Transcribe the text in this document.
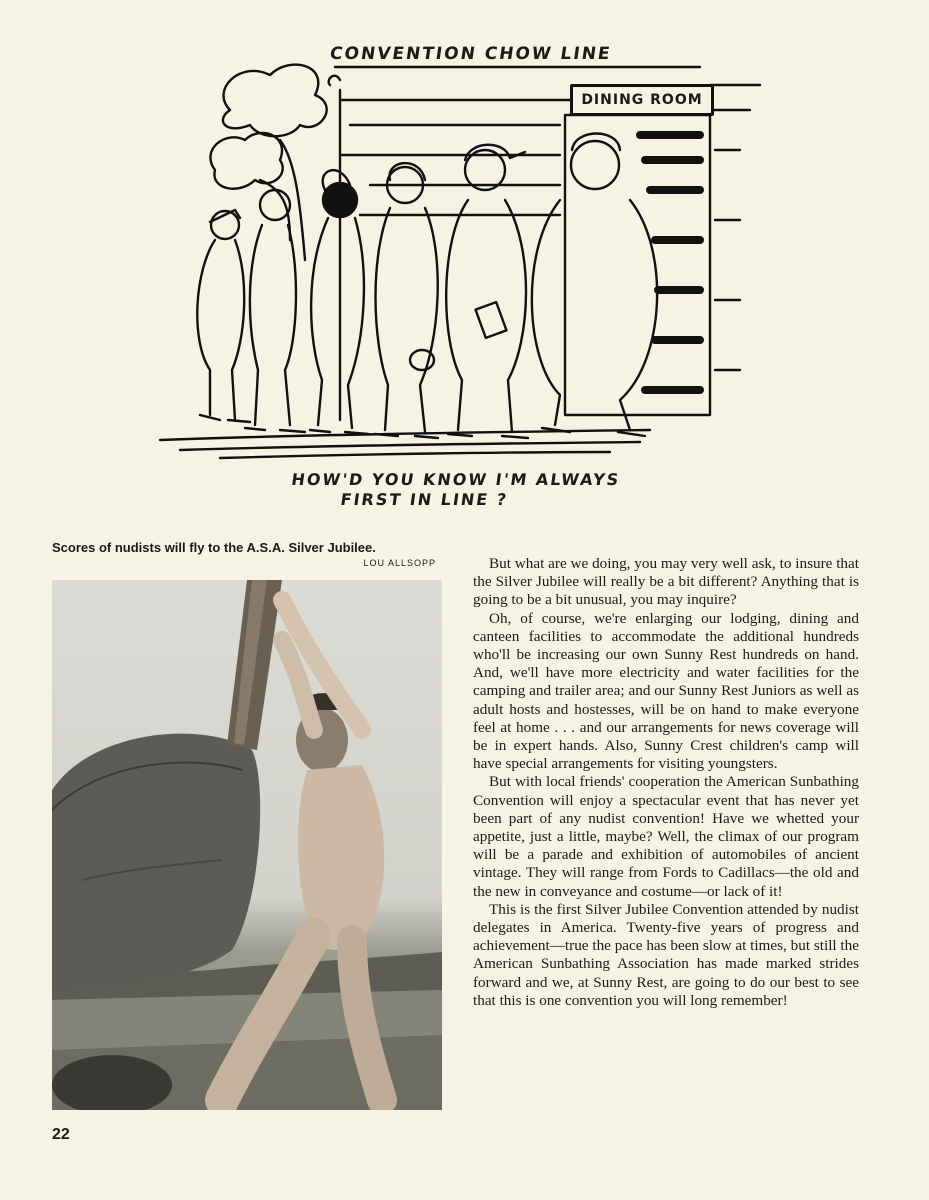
CONVENTION CHOW LINE
DINING ROOM
HOW'D YOU KNOW I'M ALWAYS
FIRST IN LINE ?
Scores of nudists will fly to the A.S.A. Silver Jubilee.
LOU ALLSOPP	But what are we doing, you may very well ask, to insure that the Silver Jubilee will really be a bit different? Anything that is going to be a bit unusual, you may inquire?

Oh, of course, we're enlarging our lodging, dining and canteen facilities to accommodate the additional hundreds who'll be increasing our own Sunny Rest hundreds on hand. And, we'll have more electricity and water facilities for the camping and trailer area; and our Sunny Rest Juniors as well as adult hosts and hostesses, will be on hand to make everyone feel at home . . . and our arrangements for news coverage will be in expert hands. Also, Sunny Crest children's camp will have special arrangements for visiting youngsters.

But with local friends' cooperation the American Sunbathing Convention will enjoy a spectacular event that has never yet been part of any nudist convention! Have we whetted your appetite, just a little, maybe? Well, the climax of our program will be a parade and exhibition of automobiles of ancient vintage. They will range from Fords to Cadillacs—the old and the new in conveyance and costume—or lack of it!

This is the first Silver Jubilee Convention attended by nudist delegates in America. Twenty-five years of progress and achievement—true the pace has been slow at times, but still the American Sunbathing Association has made marked strides forward and we, at Sunny Rest, are going to do our best to see that this is one convention you will long remember!

22
